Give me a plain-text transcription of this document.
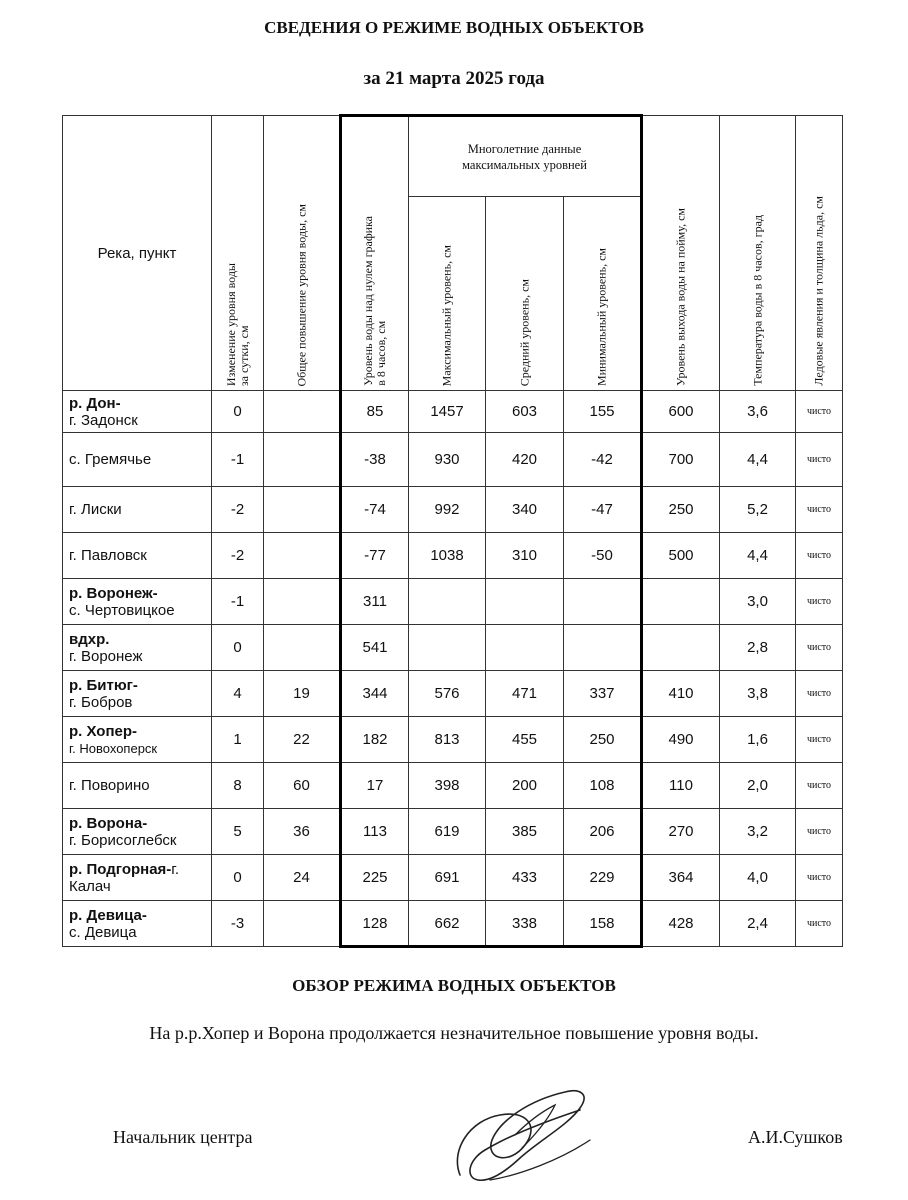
СВЕДЕНИЯ О РЕЖИМЕ ВОДНЫХ ОБЪЕКТОВ
за 21 марта 2025 года
Река, пункт	Изменение уровня воды
за сутки, см	Общее повышение уровня воды, см	Уровень воды над нулем графика
в 8 часов, см	Многолетние данные
максимальных уровней			Уровень выхода воды на пойму, см	Температура воды в 8 часов, град	Ледовые явления и толщина льда, см

				Максимальный уровень, см	Средний уровень, см	Минимальный уровень, см			

р. Дон-
г. Задонск	0		85	1457	603	155	600	3,6	чисто

с. Гремячье	-1		-38	930	420	-42	700	4,4	чисто

г. Лиски	-2		-74	992	340	-47	250	5,2	чисто

г. Павловск	-2		-77	1038	310	-50	500	4,4	чисто

р. Воронеж-
с. Чертовицкое	-1		311					3,0	чисто

вдхр.
г. Воронеж	0		541					2,8	чисто

р. Битюг-
г. Бобров	4	19	344	576	471	337	410	3,8	чисто

р. Хопер-
г. Новохоперск	1	22	182	813	455	250	490	1,6	чисто

г. Поворино	8	60	17	398	200	108	110	2,0	чисто

р. Ворона-
г. Борисоглебск	5	36	113	619	385	206	270	3,2	чисто

р. Подгорная-г.
Калач	0	24	225	691	433	229	364	4,0	чисто

р. Девица-
с. Девица	-3		128	662	338	158	428	2,4	чисто
ОБЗОР РЕЖИМА ВОДНЫХ ОБЪЕКТОВ
На р.р.Хопер и Ворона продолжается незначительное повышение уровня воды.
Начальник центра	А.И.Сушков
